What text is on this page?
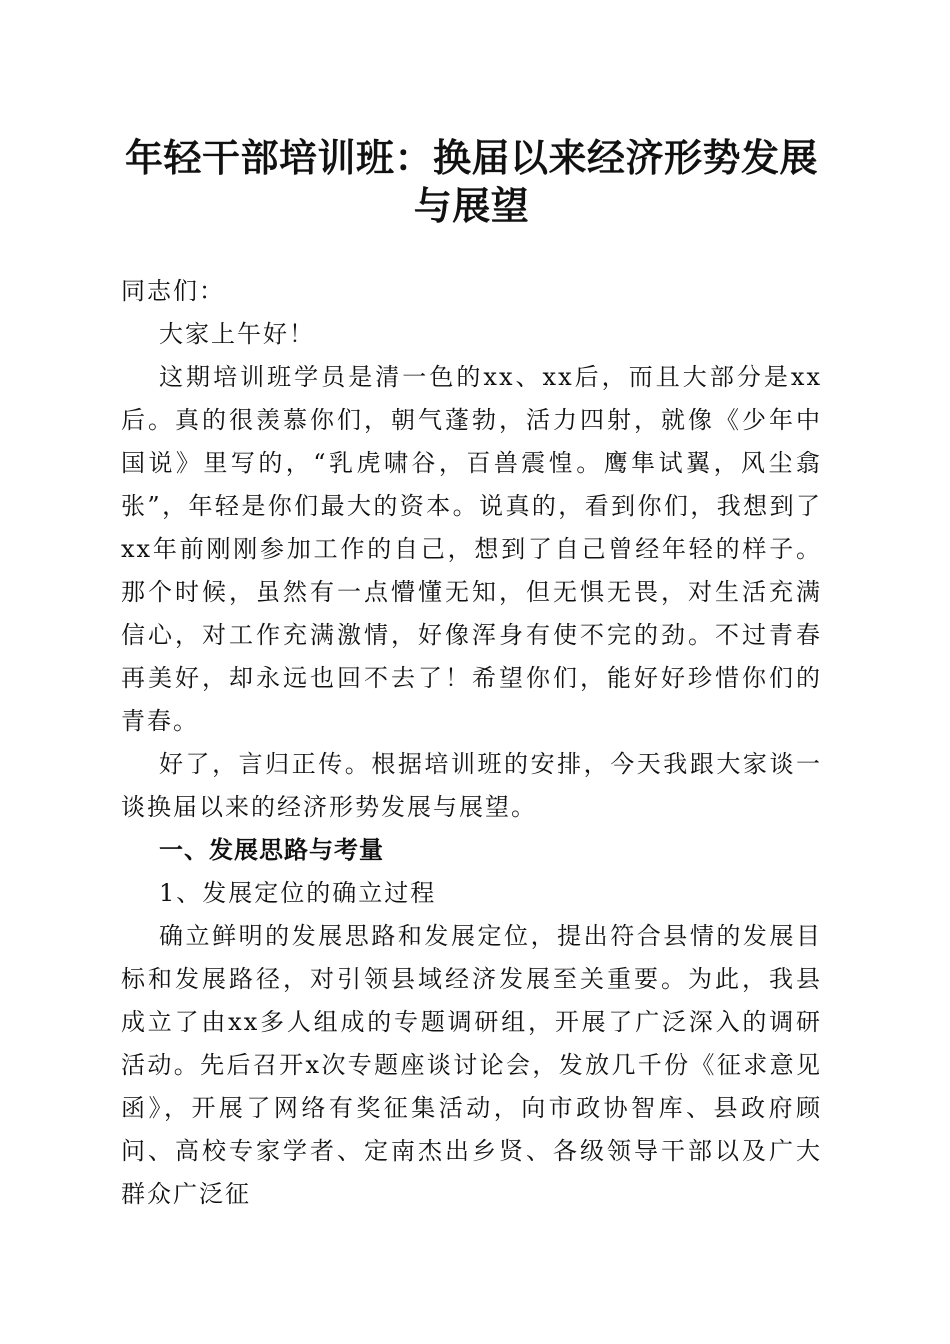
年轻干部培训班：换届以来经济形势发展与展望

同志们：

大家上午好！

这期培训班学员是清一色的xx、xx后，而且大部分是xx后。真的很羡慕你们，朝气蓬勃，活力四射，就像《少年中国说》里写的，“乳虎啸谷，百兽震惶。鹰隼试翼，风尘翕张”，年轻是你们最大的资本。说真的，看到你们，我想到了xx年前刚刚参加工作的自己，想到了自己曾经年轻的样子。那个时候，虽然有一点懵懂无知，但无惧无畏，对生活充满信心，对工作充满激情，好像浑身有使不完的劲。不过青春再美好，却永远也回不去了！希望你们，能好好珍惜你们的青春。

好了，言归正传。根据培训班的安排，今天我跟大家谈一谈换届以来的经济形势发展与展望。

一、发展思路与考量

1、发展定位的确立过程

确立鲜明的发展思路和发展定位，提出符合县情的发展目标和发展路径，对引领县域经济发展至关重要。为此，我县成立了由xx多人组成的专题调研组，开展了广泛深入的调研活动。先后召开x次专题座谈讨论会，发放几千份《征求意见函》，开展了网络有奖征集活动，向市政协智库、县政府顾问、高校专家学者、定南杰出乡贤、各级领导干部以及广大群众广泛征
